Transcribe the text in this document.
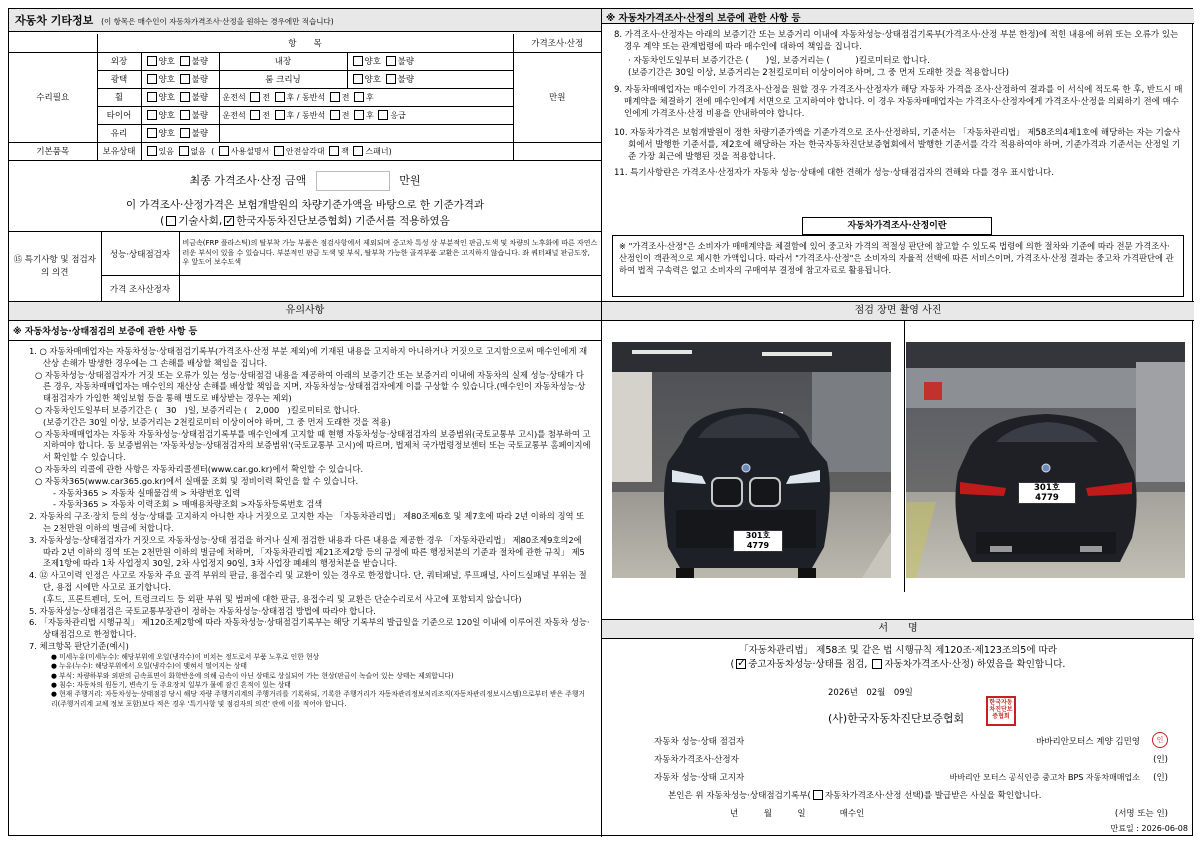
자동차 기타정보 (이 항목은 매수인이 자동차가격조사·산정을 원하는 경우에만 적습니다)
	항　　목				가격조사·산정
수리필요	외장	양호 불량	내장	양호 불량	만원
	광택	양호 불량	룸 크리닝	양호 불량	
	휠	양호 불량	운전석 전 후 / 동반석 전 후		
	타이어	양호 불량	운전석 전 후 / 동반석 전 후 응급		
	유리	양호 불량			
기본품목	보유상태	있음 없음  ( 사용설명서 안전삼각대 잭 스패너)			
최종 가격조사·산정 금액	만원
이 가격조사·산정가격은 보험개발원의 차량기준가액을 바탕으로 한 기준가격과
( 기술사회, ✓ 한국자동차진단보증협회) 기준서를 적용하였음
⑮ 특기사항 및 점검자의 의견	성능·상태점검자	비금속(FRP 플라스틱)의 탈부착 가능 부품은 점검사항에서 제외되며 중고차 특성 상 부분적인 판금,도색 및 차량의 노후화에 따른 자연스러운 부식이 있을 수 있습니다. 부분적인 판금 도색 및 부식, 탈부착 가능한 골격부품 교환은 고지하지 않습니다. 좌 쿼터패널 판금도장, 우 앞도어 보수도색
	가격 조사산정자	
※ 자동차가격조사·산정의 보증에 관한 사항 등
8. 가격조사·산정자는 아래의 보증기간 또는 보증거리 이내에 자동차성능·상태점검기록부(가격조사·산정 부분 한정)에 적힌 내용에 허위 또는 오류가 있는 경우 계약 또는 관계법령에 따라 매수인에 대하여 책임을 집니다.
· 자동차인도일부터 보증기간은 (　　)일, 보증거리는 (　　　)킬로미터로 합니다.
(보증기간은 30일 이상, 보증거리는 2천킬로미터 이상이어야 하며, 그 중 먼저 도래한 것을 적용합니다)
9. 자동차매매업자는 매수인이 가격조사·산정을 원할 경우 가격조사·산정자가 해당 자동차 가격을 조사·산정하여 결과를 이 서식에 적도록 한 후, 반드시 매매계약을 체결하기 전에 매수인에게 서면으로 고지하여야 합니다. 이 경우 자동차매매업자는 가격조사·산정자에게 가격조사·산정을 의뢰하기 전에 매수인에게 가격조사·산정 비용을 안내하여야 합니다.
10. 자동차가격은 보험개발원이 정한 차량기준가액을 기준가격으로 조사·산정하되, 기준서는 「자동차관리법」 제58조의4제1호에 해당하는 자는 기술사회에서 발행한 기준서를, 제2호에 해당하는 자는 한국자동차진단보증협회에서 발행한 기준서를 각각 적용하여야 하며, 기준가격과 기준서는 산정일 기준 가장 최근에 발행된 것을 적용합니다.
11. 특기사항란은 가격조사·산정자가 자동차 성능·상태에 대한 견해가 성능·상태점검자의 견해와 다를 경우 표시합니다.
자동차가격조사·산정이란
※ "가격조사·산정"은 소비자가 매매계약을 체결함에 있어 중고차 가격의 적절성 판단에 참고할 수 있도록 법령에 의한 절차와 기준에 따라 전문 가격조사·산정인이 객관적으로 제시한 가액입니다. 따라서 "가격조사·산정"은 소비자의 자율적 선택에 따른 서비스이며, 가격조사·산정 결과는 중고차 가격판단에 관하여 법적 구속력은 없고 소비자의 구매여부 결정에 참고자료로 활용됩니다.
유의사항
※ 자동차성능·상태점검의 보증에 관한 사항 등
1. ○ 자동차매매업자는 자동차성능·상태점검기록부(가격조사·산정 부분 제외)에 기재된 내용을 고지하지 아니하거나 거짓으로 고지함으로써 매수인에게 재산상 손해가 발생한 경우에는 그 손해를 배상할 책임을 집니다.
○ 자동차성능·상태점검자가 거짓 또는 오류가 있는 성능·상태점검 내용을 제공하여 아래의 보증기간 또는 보증거리 이내에 자동차의 실제 성능·상태가 다른 경우, 자동차매매업자는 매수인의 재산상 손해를 배상할 책임을 지며, 자동차성능·상태점검자에게 이를 구상할 수 있습니다.(매수인이 자동차성능·상태점검자가 가입한 책임보험 등을 통해 별도로 배상받는 경우는 제외)
○ 자동차인도일부터 보증기간은 (　30　)일, 보증거리는 (　2,000　)킬로미터로 합니다.
(보증기간은 30일 이상, 보증거리는 2천킬로미터 이상이어야 하며, 그 중 먼저 도래한 것을 적용)
○ 자동차매매업자는 자동차 자동차성능·상태점검기록부를 매수인에게 고지할 때 현행 자동차성능·상태점검자의 보증범위(국토교통부 고시)를 첨부하여 고지하여야 합니다. 동 보증범위는 '자동차성능·상태점검자의 보증범위'(국토교통부 고시)에 따르며, 법제처 국가법령정보센터 또는 국토교통부 홈페이지에서 확인할 수 있습니다.
○ 자동차의 리콜에 관한 사항은 자동차리콜센터(www.car.go.kr)에서 확인할 수 있습니다.
○ 자동차365(www.car365.go.kr)에서 실매물 조회 및 정비이력 확인을 할 수 있습니다.
- 자동차365 > 자동차 실매물검색 > 차량번호 입력
- 자동차365 > 자동차 이력조회 > 매매용차량조회 >자동차등록번호 검색
2. 자동차의 구조·장치 등의 성능·상태를 고지하지 아니한 자나 거짓으로 고지한 자는 「자동차관리법」 제80조제6호 및 제7호에 따라 2년 이하의 징역 또는 2천만원 이하의 벌금에 처합니다.
3. 자동차성능·상태점검자가 거짓으로 자동차성능·상태 점검을 하거나 실제 점검한 내용과 다른 내용을 제공한 경우 「자동차관리법」 제80조제9호의2에 따라 2년 이하의 징역 또는 2천만원 이하의 벌금에 처하며, 「자동차관리법 제21조제2항 등의 규정에 따른 행정처분의 기준과 절차에 관한 규칙」 제5조제1항에 따라 1차 사업정지 30일, 2차 사업정지 90일, 3차 사업장 폐쇄의 행정처분을 받습니다.
4. ⑫ 사고이력 인정은 사고로 자동차 주요 골격 부위의 판금, 용접수리 및 교환이 있는 경우로 한정합니다. 단, 쿼터패널, 루프패널, 사이드실패널 부위는 절단, 용접 시에만 사고로 표기합니다.
(후드, 프론트펜더, 도어, 트렁크리드 등 외판 부위 및 범퍼에 대한 판금, 용접수리 및 교환은 단순수리로서 사고에 포함되지 않습니다)
5. 자동차성능·상태점검은 국토교통부장관이 정하는 자동차성능·상태점검 방법에 따라야 합니다.
6. 「자동차관리법 시행규칙」 제120조제2항에 따라 자동차성능·상태점검기록부는 해당 기록부의 발급일을 기준으로 120일 이내에 이루어진 자동차 성능·상태점검으로 한정합니다.
7. 체크항목 판단기준(예시)
● 미세누유(미세누수): 해당부위에 오일(냉각수)이 비치는 정도로서 부품 노후로 인한 현상
● 누유(누수): 해당부위에서 오일(냉각수)이 맺혀서 떨어지는 상태
● 부식: 차량하부와 외판의 금속표면이 화학반응에 의해 금속이 아닌 상태로 상실되어 가는 현상(판금이 녹슬어 있는 상태는 제외합니다)
● 침수: 자동차의 원동기, 변속기 등 주요장치 일부가 물에 잠긴 흔적이 있는 상태
● 현재 주행거리: 자동차성능·상태점검 당시 해당 자량 주행거리계의 주행거리를 기록하되, 기록한 주행거리가 자동차관리정보처리조직(자동차관리정보시스템)으로부터 받은 주행거리(주행거리계 교체 정보 포함)보다 적은 경우 '특기사항 및 점검자의 의견' 란에 이를 적어야 합니다.
점검 장면 촬영 사진
301호 4779
301호 4779
서　　명
「자동차관리법」 제58조 및 같은 법 시행규칙 제120조·제123조의5에 따라
( ✓ 중고자동차성능·상태를 점검, 자동차가격조사·산정) 하였음을 확인합니다.
2026년　02월　09일
(사)한국자동차진단보증협회
한국자동차진단보증협회
자동차 성능·상태 점검자	바바리안모터스 계양 김민영	인
자동차가격조사·산정자	(인)
자동차 성능·상태 고지자	바바리안 모터스 공식인증 중고차 BPS 자동차매매업소 (인)
본인은 위 자동차성능·상태점검기록부( 자동차가격조사·산정 선택)를 발급받은 사실을 확인합니다.
년　　　월　　　일　　　　매수인	(서명 또는 인)
만료일 : 2026-06-08
